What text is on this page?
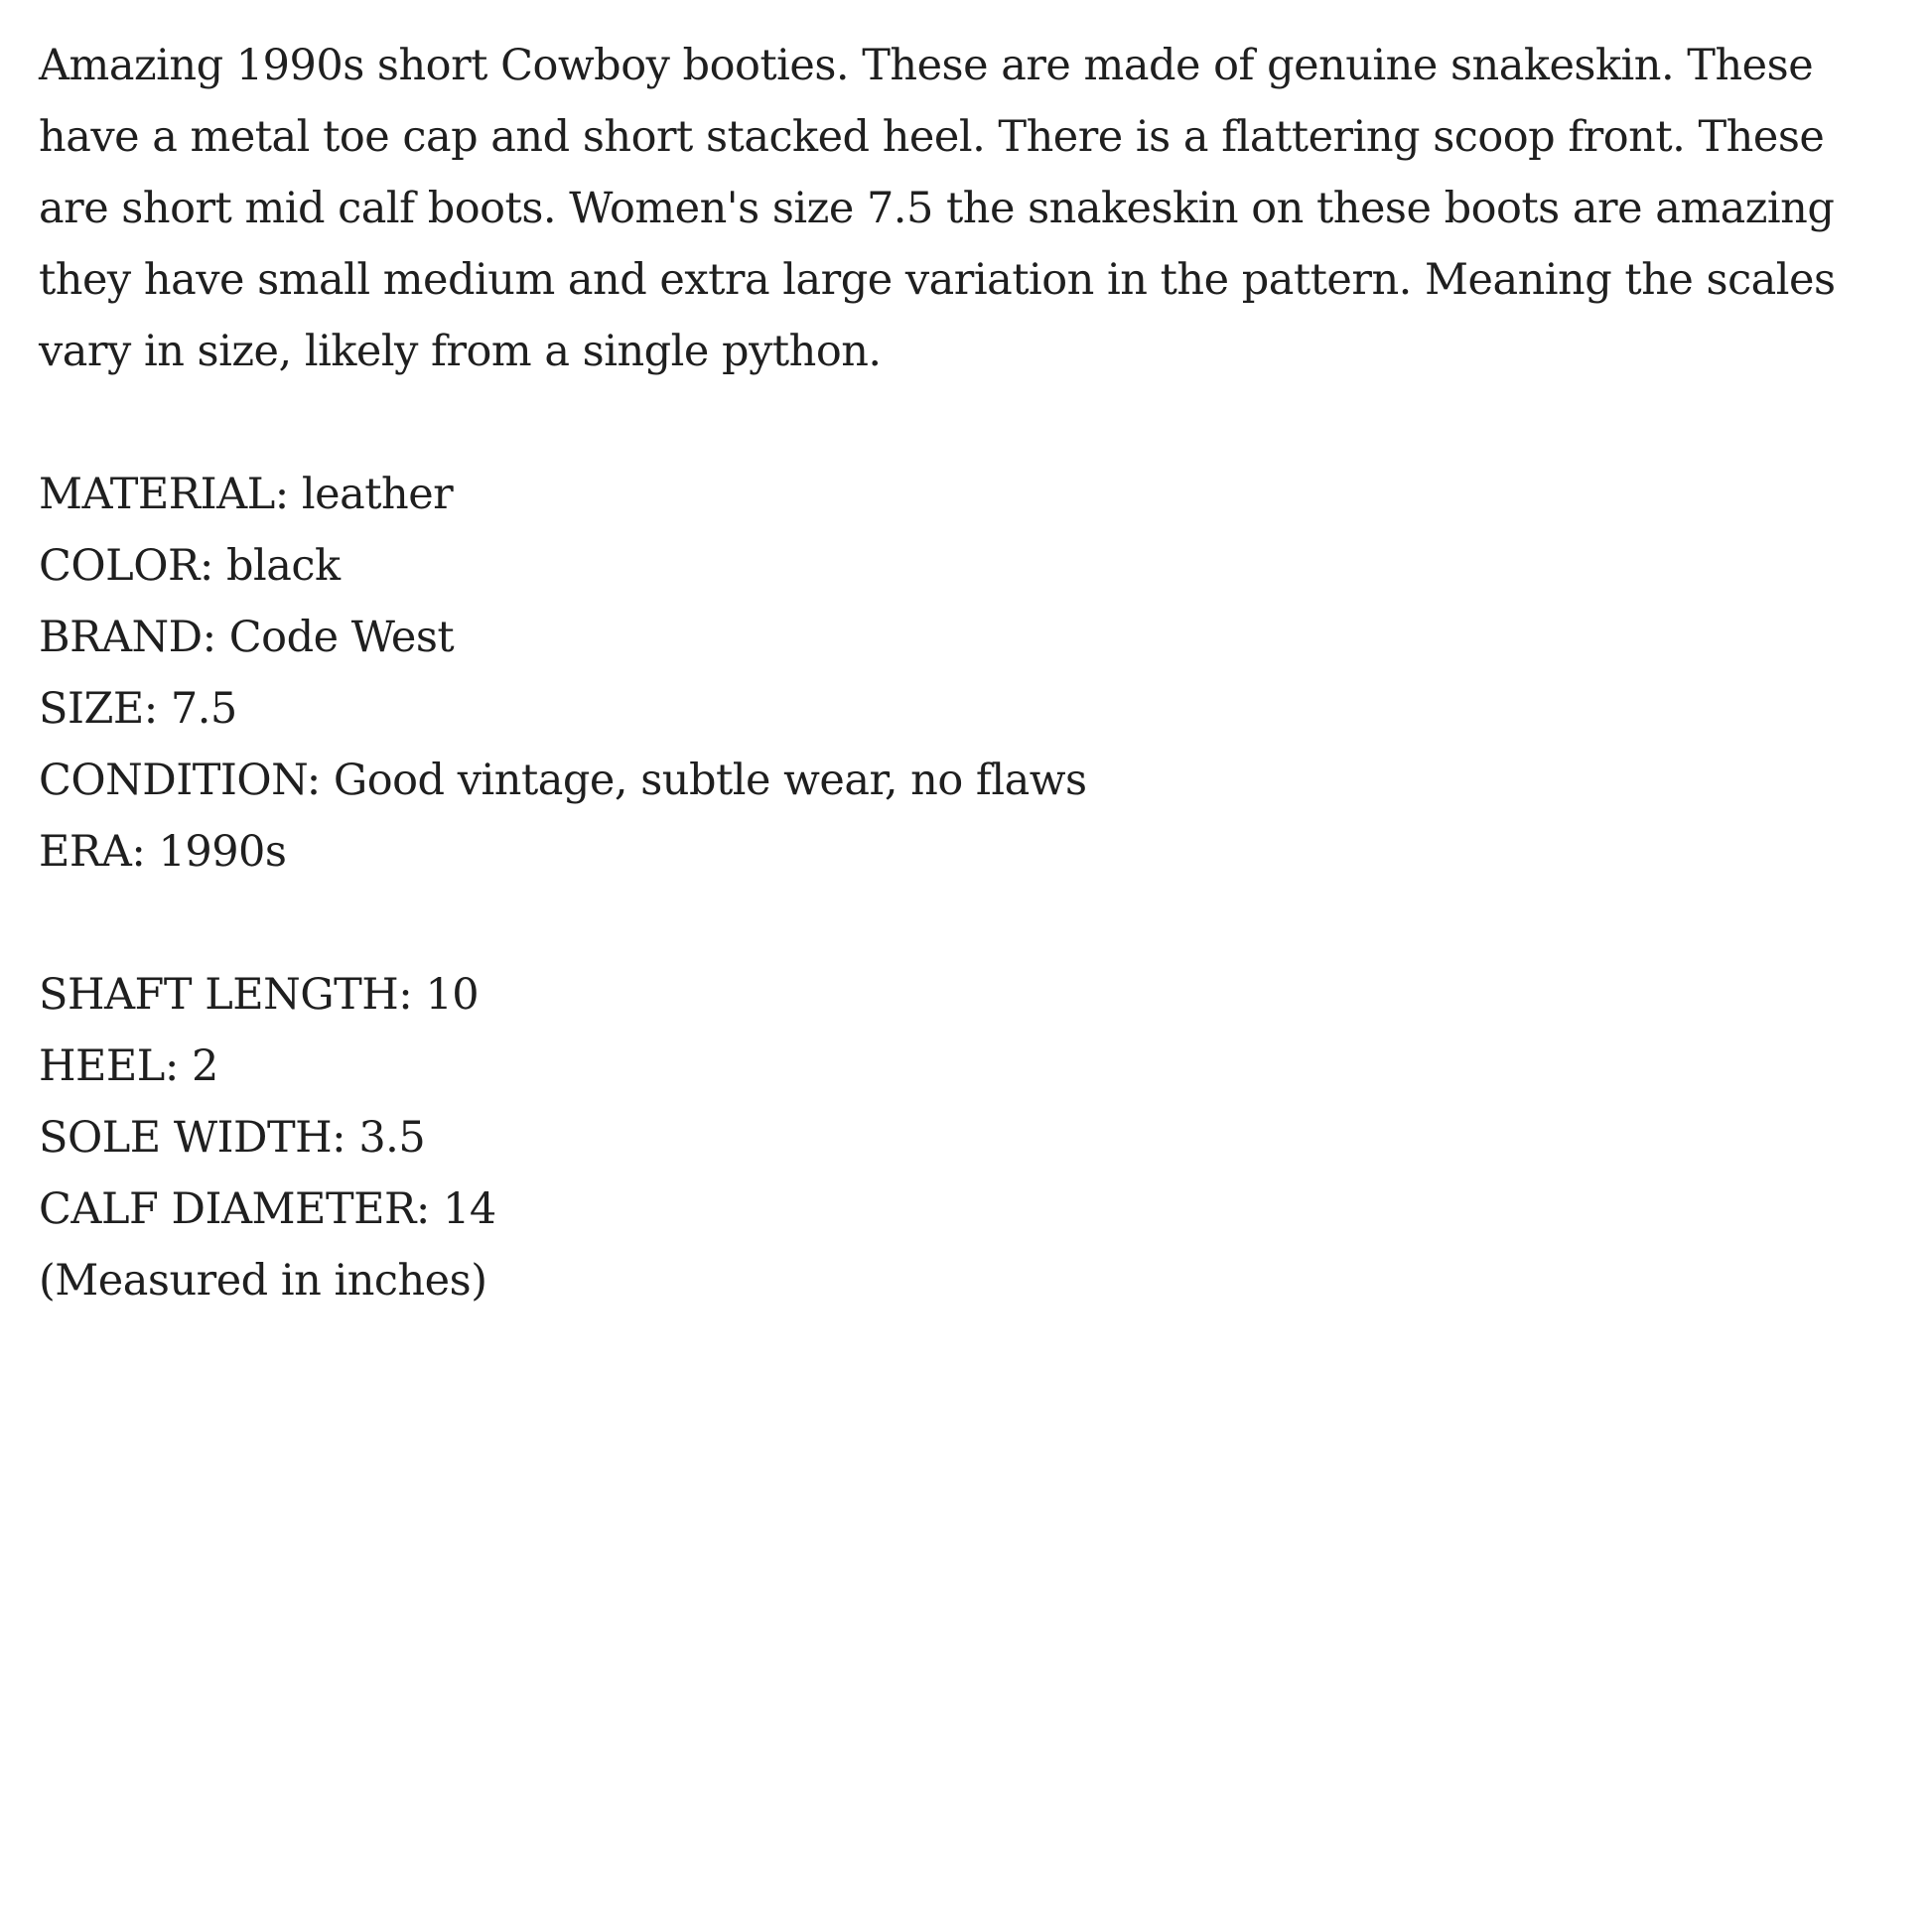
Amazing 1990s short Cowboy booties. These are made of genuine snakeskin. These have a metal toe cap and short stacked heel. There is a flattering scoop front. These are short mid calf boots. Women's size 7.5 the snakeskin on these boots are amazing they have small medium and extra large variation in the pattern. Meaning the scales vary in size, likely from a single python.

MATERIAL: leather
COLOR: black
BRAND: Code West
SIZE: 7.5
CONDITION: Good vintage, subtle wear, no flaws
ERA: 1990s
SHAFT LENGTH: 10
HEEL: 2
SOLE WIDTH: 3.5
CALF DIAMETER: 14
(Measured in inches)
